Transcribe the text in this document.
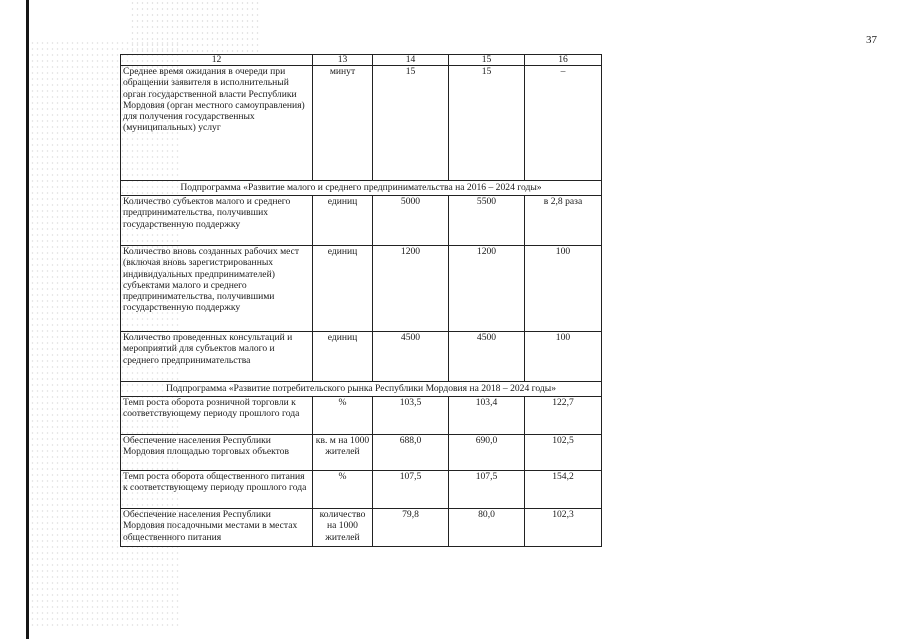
37
12	13	14	15	16
Среднее время ожидания в очереди при обращении заявителя в исполнительный орган государственной власти Республики Мордовия (орган местного самоуправления) для получения государственных (муниципальных) услуг	минут	15	15	–
Подпрограмма «Развитие малого и среднего предпринимательства на 2016 – 2024 годы»				
Количество субъектов малого и среднего предпринимательства, получивших государственную поддержку	единиц	5000	5500	в 2,8 раза
Количество вновь созданных рабочих мест (включая вновь зарегистрированных индивидуальных предпринимателей) субъектами малого и среднего предпринимательства, получившими государственную поддержку	единиц	1200	1200	100
Количество проведенных консультаций и мероприятий для субъектов малого и среднего предпринимательства	единиц	4500	4500	100
Подпрограмма «Развитие потребительского рынка Республики Мордовия на 2018 – 2024 годы»				
Темп роста оборота розничной торговли к соответствующему периоду прошлого года	%	103,5	103,4	122,7
Обеспечение населения Республики Мордовия площадью торговых объектов	кв. м на 1000 жителей	688,0	690,0	102,5
Темп роста оборота общественного питания к соответствующему периоду прошлого года	%	107,5	107,5	154,2
Обеспечение населения Республики Мордовия посадочными местами в местах общественного питания	количество на 1000 жителей	79,8	80,0	102,3
